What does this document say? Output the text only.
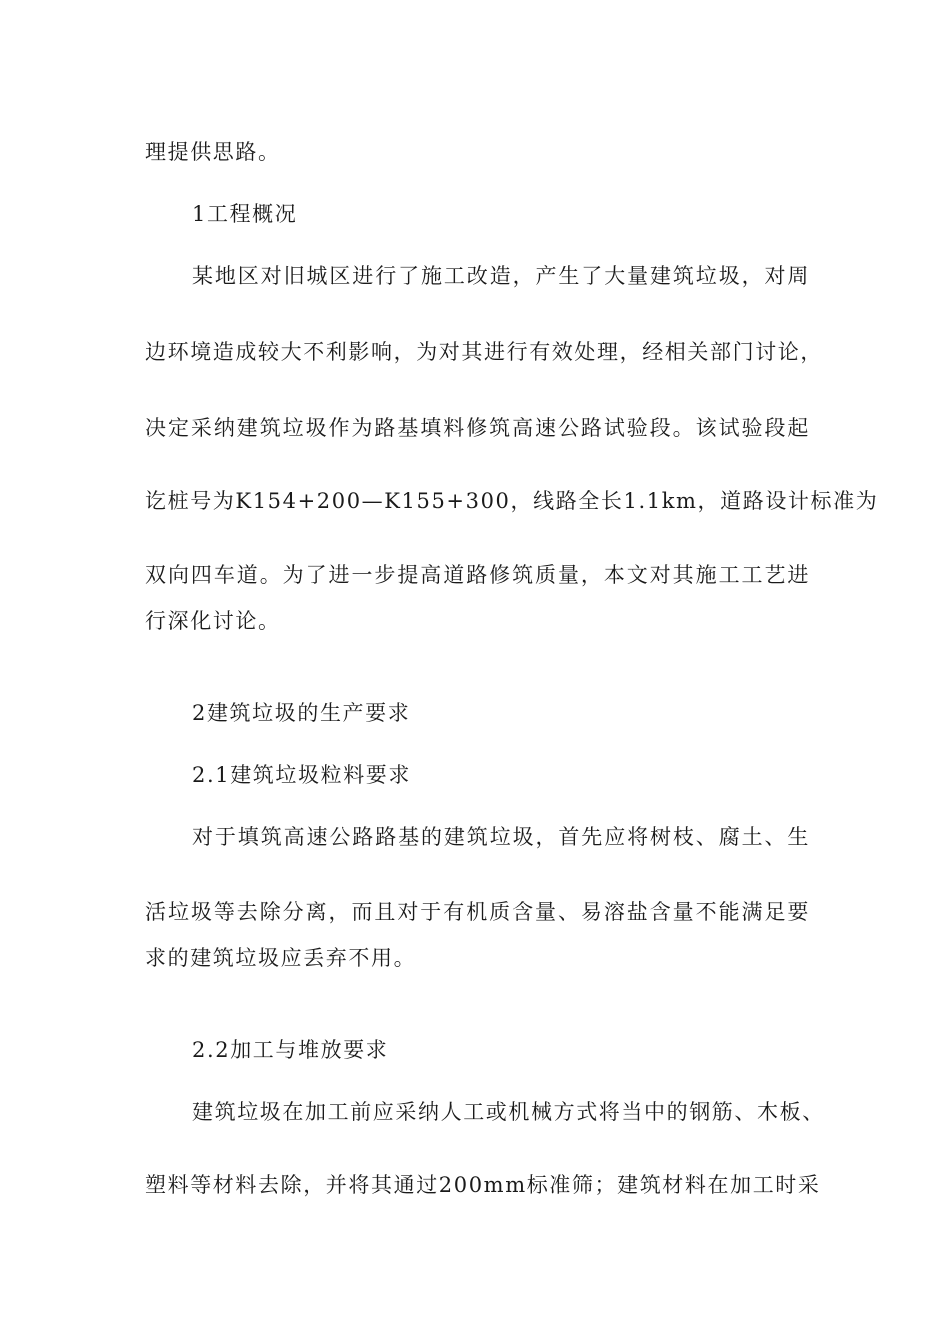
理提供思路。
1工程概况
某地区对旧城区进行了施工改造，产生了大量建筑垃圾，对周
边环境造成较大不利影响，为对其进行有效处理，经相关部门讨论，
决定采纳建筑垃圾作为路基填料修筑高速公路试验段。该试验段起
讫桩号为K154+200—K155+300，线路全长1.1km，道路设计标准为
双向四车道。为了进一步提高道路修筑质量，本文对其施工工艺进
行深化讨论。
2建筑垃圾的生产要求
2.1建筑垃圾粒料要求
对于填筑高速公路路基的建筑垃圾，首先应将树枝、腐土、生
活垃圾等去除分离，而且对于有机质含量、易溶盐含量不能满足要
求的建筑垃圾应丢弃不用。
2.2加工与堆放要求
建筑垃圾在加工前应采纳人工或机械方式将当中的钢筋、木板、
塑料等材料去除，并将其通过200mm标准筛；建筑材料在加工时采
